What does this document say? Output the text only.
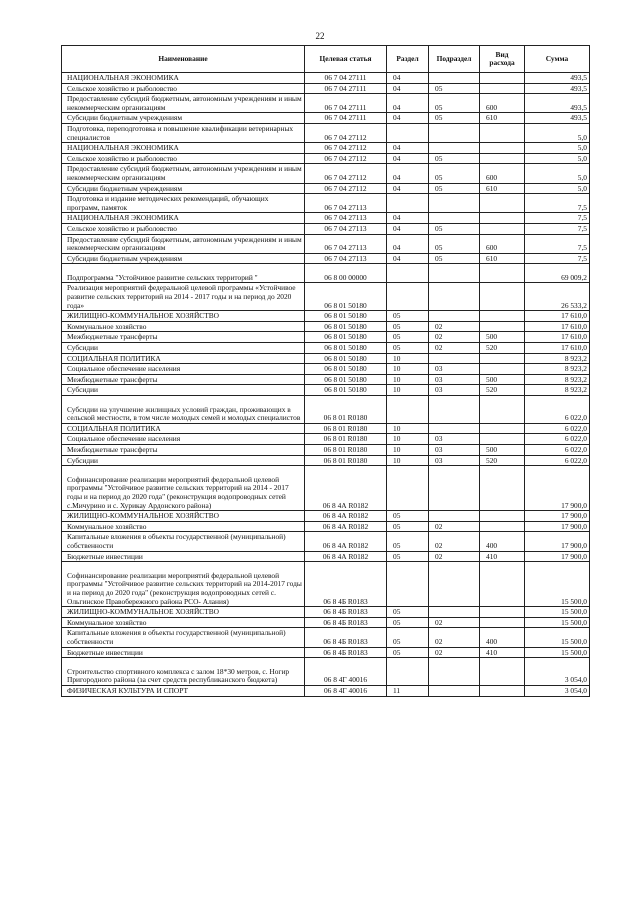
22
Наименование	Целевая статья	Раздел	Подраздел	Вид расхода	Сумма
НАЦИОНАЛЬНАЯ ЭКОНОМИКА	06 7 04 27111	04			493,5
Сельское хозяйство и рыболовство	06 7 04 27111	04	05		493,5
Предоставление субсидий бюджетным, автономным учреждениям и иным некоммерческим организациям	06 7 04 27111	04	05	600	493,5
Субсидии бюджетным учреждениям	06 7 04 27111	04	05	610	493,5
Подготовка, переподготовка и повышение квалификации ветеринарных специалистов	06 7 04 27112				5,0
НАЦИОНАЛЬНАЯ ЭКОНОМИКА	06 7 04 27112	04			5,0
Сельское хозяйство и рыболовство	06 7 04 27112	04	05		5,0
Предоставление субсидий бюджетным, автономным учреждениям и иным некоммерческим организациям	06 7 04 27112	04	05	600	5,0
Субсидии бюджетным учреждениям	06 7 04 27112	04	05	610	5,0
Подготовка и издание методических рекомендаций, обучающих программ, памяток	06 7 04 27113				7,5
НАЦИОНАЛЬНАЯ ЭКОНОМИКА	06 7 04 27113	04			7,5
Сельское хозяйство и рыболовство	06 7 04 27113	04	05		7,5
Предоставление субсидий бюджетным, автономным учреждениям и иным некоммерческим организациям	06 7 04 27113	04	05	600	7,5
Субсидии бюджетным учреждениям	06 7 04 27113	04	05	610	7,5
Подпрограмма "Устойчивое развитие сельских территорий "	06 8 00 00000				69 009,2
Реализация мероприятий федеральной целевой программы «Устойчивое развитие сельских территорий на 2014 - 2017 годы и на период до 2020 года»	06 8 01 50180				26 533,2
ЖИЛИЩНО-КОММУНАЛЬНОЕ ХОЗЯЙСТВО	06 8 01 50180	05			17 610,0
Коммунальное хозяйство	06 8 01 50180	05	02		17 610,0
Межбюджетные трансферты	06 8 01 50180	05	02	500	17 610,0
Субсидии	06 8 01 50180	05	02	520	17 610,0
СОЦИАЛЬНАЯ ПОЛИТИКА	06 8 01 50180	10			8 923,2
Социальное обеспечение населения	06 8 01 50180	10	03		8 923,2
Межбюджетные трансферты	06 8 01 50180	10	03	500	8 923,2
Субсидии	06 8 01 50180	10	03	520	8 923,2
Субсидии на улучшение жилищных условий граждан, проживающих в сельской местности, в том числе молодых семей и молодых специалистов	06 8 01 R0180				6 022,0
СОЦИАЛЬНАЯ ПОЛИТИКА	06 8 01 R0180	10			6 022,0
Социальное обеспечение населения	06 8 01 R0180	10	03		6 022,0
Межбюджетные трансферты	06 8 01 R0180	10	03	500	6 022,0
Субсидии	06 8 01 R0180	10	03	520	6 022,0
Софинансирование реализации мероприятий федеральной целевой программы "Устойчивое развитие сельских территорий на 2014 - 2017 годы и на период до 2020 года" (реконструкция водопроводных сетей с.Мичурино и с. Хурикау Ардонского района)	06 8 4А R0182				17 900,0
ЖИЛИЩНО-КОММУНАЛЬНОЕ ХОЗЯЙСТВО	06 8 4А R0182	05			17 900,0
Коммунальное хозяйство	06 8 4А R0182	05	02		17 900,0
Капитальные вложения в объекты государственной (муниципальной) собственности	06 8 4А R0182	05	02	400	17 900,0
Бюджетные инвестиции	06 8 4А R0182	05	02	410	17 900,0
Софинансирование реализации мероприятий федеральной целевой программы "Устойчивое развитие сельских территорий на 2014-2017 годы и на период до 2020 года" (реконструкция водопроводных сетей с. Ольгинское Правобережного района РСО- Алания)	06 8 4Б R0183				15 500,0
ЖИЛИЩНО-КОММУНАЛЬНОЕ ХОЗЯЙСТВО	06 8 4Б R0183	05			15 500,0
Коммунальное хозяйство	06 8 4Б R0183	05	02		15 500,0
Капитальные вложения в объекты государственной (муниципальной) собственности	06 8 4Б R0183	05	02	400	15 500,0
Бюджетные инвестиции	06 8 4Б R0183	05	02	410	15 500,0
Строительство спортивного комплекса с залом 18*30 метров, с. Ногир Пригородного района (за счет средств республиканского бюджета)	06 8 4Г 40016				3 054,0
ФИЗИЧЕСКАЯ КУЛЬТУРА И СПОРТ	06 8 4Г 40016	11			3 054,0
